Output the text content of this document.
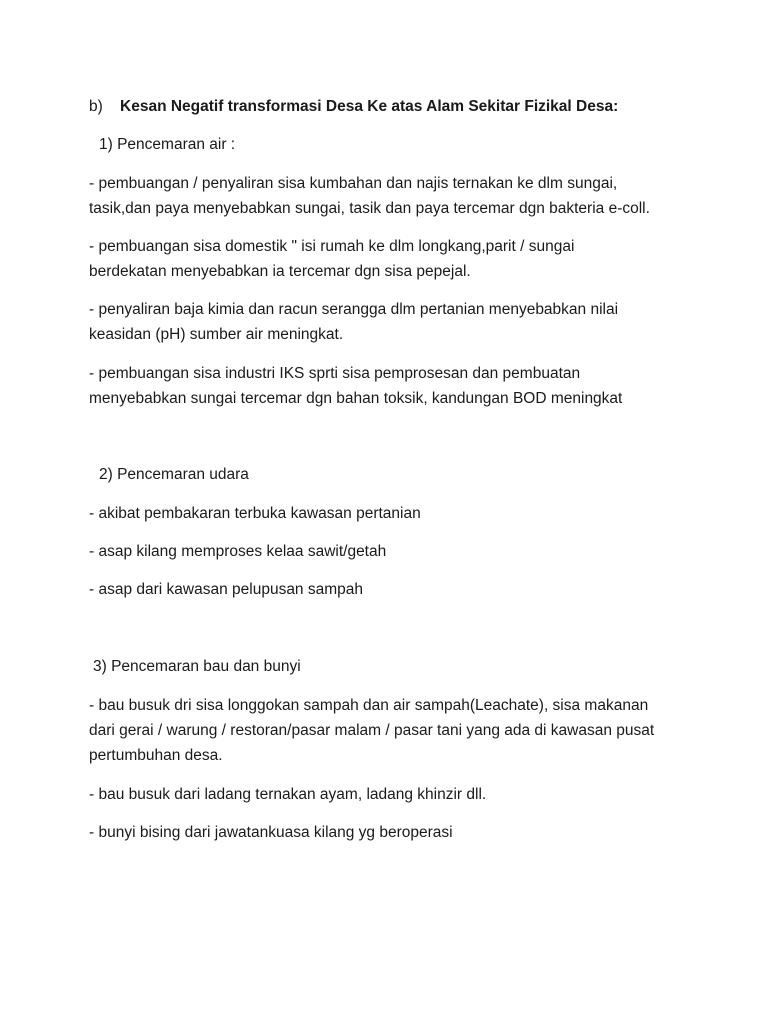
b) Kesan Negatif transformasi Desa Ke atas Alam Sekitar Fizikal Desa:
1) Pencemaran air :
- pembuangan / penyaliran sisa kumbahan dan najis ternakan ke dlm sungai,
tasik,dan paya menyebabkan sungai, tasik dan paya tercemar dgn bakteria e-coll.
- pembuangan sisa domestik " isi rumah ke dlm longkang,parit / sungai
berdekatan menyebabkan ia tercemar dgn sisa pepejal.
- penyaliran baja kimia dan racun serangga dlm pertanian menyebabkan nilai
keasidan (pH) sumber air meningkat.
- pembuangan sisa industri IKS sprti sisa pemprosesan dan pembuatan
menyebabkan sungai tercemar dgn bahan toksik, kandungan BOD meningkat
2) Pencemaran udara
- akibat pembakaran terbuka kawasan pertanian
- asap kilang memproses kelaa sawit/getah
- asap dari kawasan pelupusan sampah
3) Pencemaran bau dan bunyi
- bau busuk dri sisa longgokan sampah dan air sampah(Leachate), sisa makanan
dari gerai / warung / restoran/pasar malam / pasar tani yang ada di kawasan pusat
pertumbuhan desa.
- bau busuk dari ladang ternakan ayam, ladang khinzir dll.
- bunyi bising dari jawatankuasa kilang yg beroperasi
